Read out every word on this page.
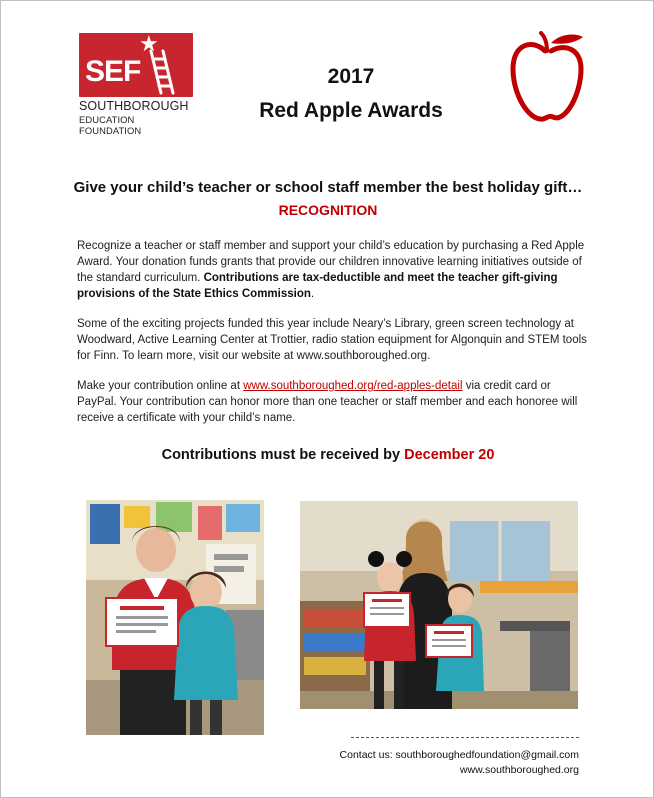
SEF
★
SOUTHBOROUGH
EDUCATION FOUNDATION
2017
Red Apple Awards
Give your child’s teacher or school staff member the best holiday gift…
RECOGNITION
Recognize a teacher or staff member and support your child’s education by purchasing a Red Apple Award. Your donation funds grants that provide our children innovative learning initiatives outside of the standard curriculum. Contributions are tax-deductible and meet the teacher gift-giving provisions of the State Ethics Commission.
Some of the exciting projects funded this year include Neary’s Library, green screen technology at Woodward, Active Learning Center at Trottier, radio station equipment for Algonquin and STEM tools for Finn. To learn more, visit our website at www.southboroughed.org.
Make your contribution online at www.southboroughed.org/red-apples-detail via credit card or PayPal. Your contribution can honor more than one teacher or staff member and each honoree will receive a certificate with your child’s name.
Contributions must be received by December 20
Contact us: southboroughedfoundation@gmail.com
www.southboroughed.org
